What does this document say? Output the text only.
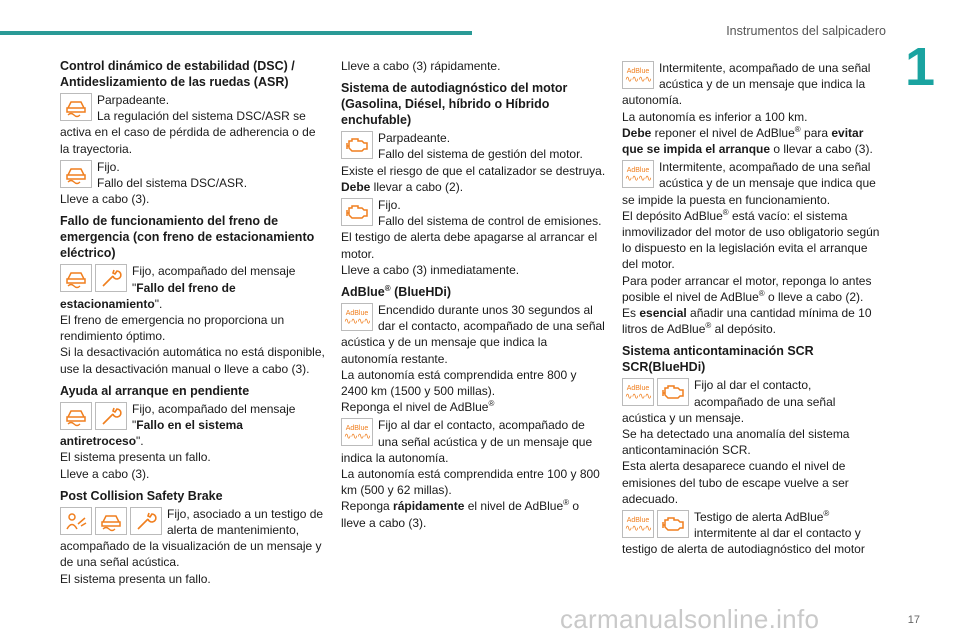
Instrumentos del salpicadero
1
Control dinámico de estabilidad (DSC) / Antideslizamiento de las ruedas (ASR)
Parpadeante.
La regulación del sistema DSC/ASR se activa en el caso de pérdida de adherencia o de la trayectoria.
Fijo.
Fallo del sistema DSC/ASR.
Lleve a cabo (3).
Fallo de funcionamiento del freno de emergencia (con freno de estacionamiento eléctrico)
Fijo, acompañado del mensaje "Fallo del freno de estacionamiento".
El freno de emergencia no proporciona un rendimiento óptimo.
Si la desactivación automática no está disponible, use la desactivación manual o lleve a cabo (3).
Ayuda al arranque en pendiente
Fijo, acompañado del mensaje "Fallo en el sistema antiretroceso".
El sistema presenta un fallo.
Lleve a cabo (3).
Post Collision Safety Brake
Fijo, asociado a un testigo de alerta de mantenimiento, acompañado de la visualización de un mensaje y de una señal acústica.
El sistema presenta un fallo.
Lleve a cabo (3) rápidamente.
Sistema de autodiagnóstico del motor (Gasolina, Diésel, híbrido o Híbrido enchufable)
Parpadeante.
Fallo del sistema de gestión del motor.
Existe el riesgo de que el catalizador se destruya.
Debe llevar a cabo (2).
Fijo.
Fallo del sistema de control de emisiones.
El testigo de alerta debe apagarse al arrancar el motor.
Lleve a cabo (3) inmediatamente.
AdBlue® (BlueHDi)
AdBlue
∿∿∿∿
Encendido durante unos 30 segundos al dar el contacto, acompañado de una señal acústica y de un mensaje que indica la autonomía restante.
La autonomía está comprendida entre 800 y 2400 km (1500 y 500 millas).
Reponga el nivel de AdBlue®
AdBlue
∿∿∿∿
Fijo al dar el contacto, acompañado de una señal acústica y de un mensaje que indica la autonomía.
La autonomía está comprendida entre 100 y 800 km (500 y 62 millas).
Reponga rápidamente el nivel de AdBlue® o lleve a cabo (3).
AdBlue
∿∿∿∿
Intermitente, acompañado de una señal acústica y de un mensaje que indica la autonomía.
La autonomía es inferior a 100 km.
Debe reponer el nivel de AdBlue® para evitar que se impida el arranque o llevar a cabo (3).
AdBlue
∿∿∿∿
Intermitente, acompañado de una señal acústica y de un mensaje que indica que se impide la puesta en funcionamiento.
El depósito AdBlue® está vacío: el sistema inmovilizador del motor de uso obligatorio según lo dispuesto en la legislación evita el arranque del motor.
Para poder arrancar el motor, reponga lo antes posible el nivel de AdBlue® o lleve a cabo (2).
Es esencial añadir una cantidad mínima de 10 litros de AdBlue® al depósito.
Sistema anticontaminación SCR SCR(BlueHDi)
AdBlue
∿∿∿∿
Fijo al dar el contacto, acompañado de una señal acústica y un mensaje.
Se ha detectado una anomalía del sistema anticontaminación SCR.
Esta alerta desaparece cuando el nivel de emisiones del tubo de escape vuelve a ser adecuado.
AdBlue
∿∿∿∿
Testigo de alerta AdBlue® intermitente al dar el contacto y testigo de alerta de autodiagnóstico del motor
carmanualsonline.info	17
